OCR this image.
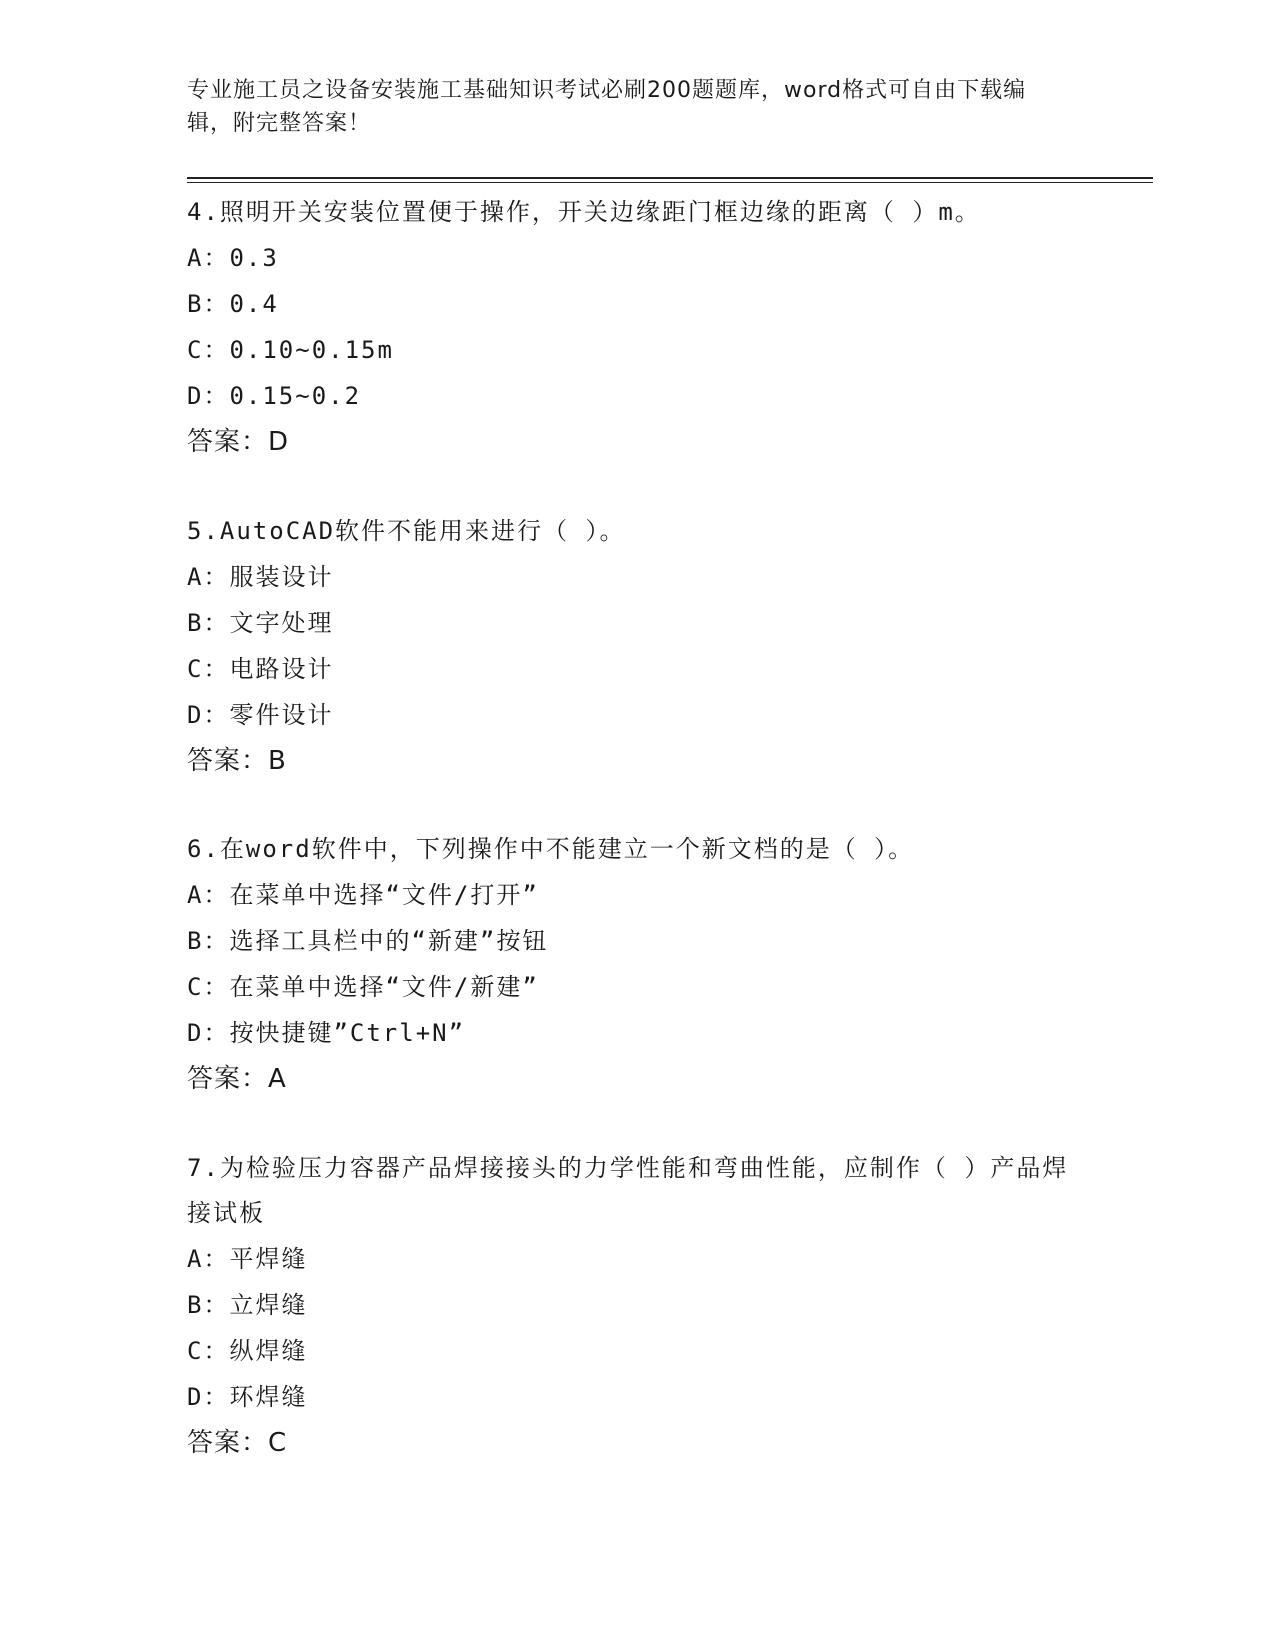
专业施工员之设备安装施工基础知识考试必刷200题题库，word格式可自由下载编辑，附完整答案！

4.照明开关安装位置便于操作，开关边缘距门框边缘的距离（ ）m。

A：0.3

B：0.4

C：0.10~0.15m

D：0.15~0.2

答案：D

5.AutoCAD软件不能用来进行（ ）。

A：服装设计

B：文字处理

C：电路设计

D：零件设计

答案：B

6.在word软件中，下列操作中不能建立一个新文档的是（ ）。

A：在菜单中选择“文件/打开”

B：选择工具栏中的“新建”按钮

C：在菜单中选择“文件/新建”

D：按快捷键”Ctrl+N”

答案：A

7.为检验压力容器产品焊接接头的力学性能和弯曲性能，应制作（ ）产品焊接试板

A：平焊缝

B：立焊缝

C：纵焊缝

D：环焊缝

答案：C
